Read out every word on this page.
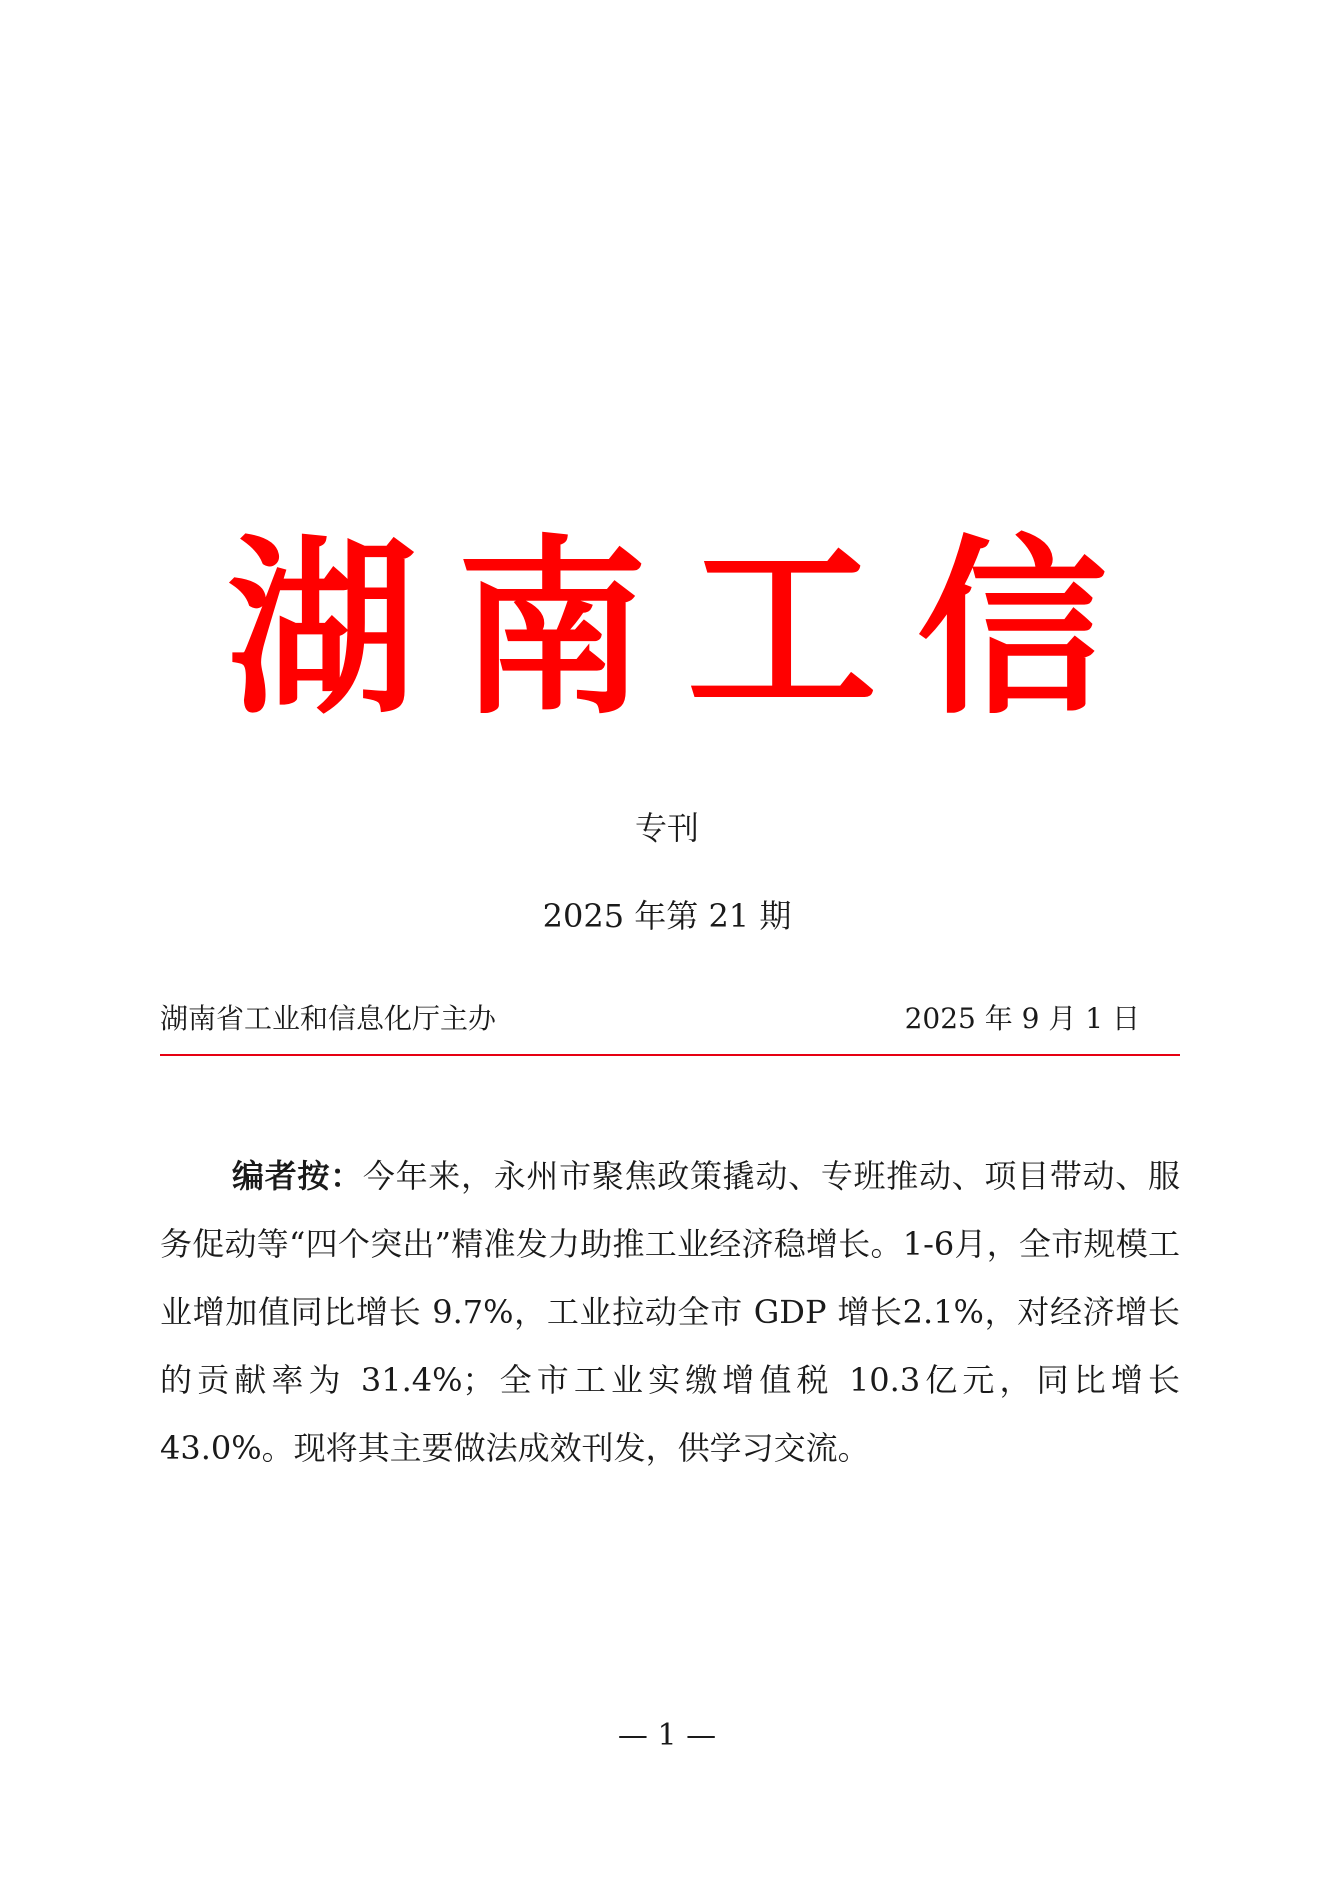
湖南工信
专刊
2025 年第 21 期
湖南省工业和信息化厅主办	2025 年 9 月 1 日
编者按：今年来，永州市聚焦政策撬动、专班推动、项目带动、服务促动等“四个突出”精准发力助推工业经济稳增长。1-6月，全市规模工业增加值同比增长 9.7%，工业拉动全市 GDP 增长2.1%，对经济增长的贡献率为 31.4%；全市工业实缴增值税 10.3亿元，同比增长 43.0%。现将其主要做法成效刊发，供学习交流。
— 1 —
